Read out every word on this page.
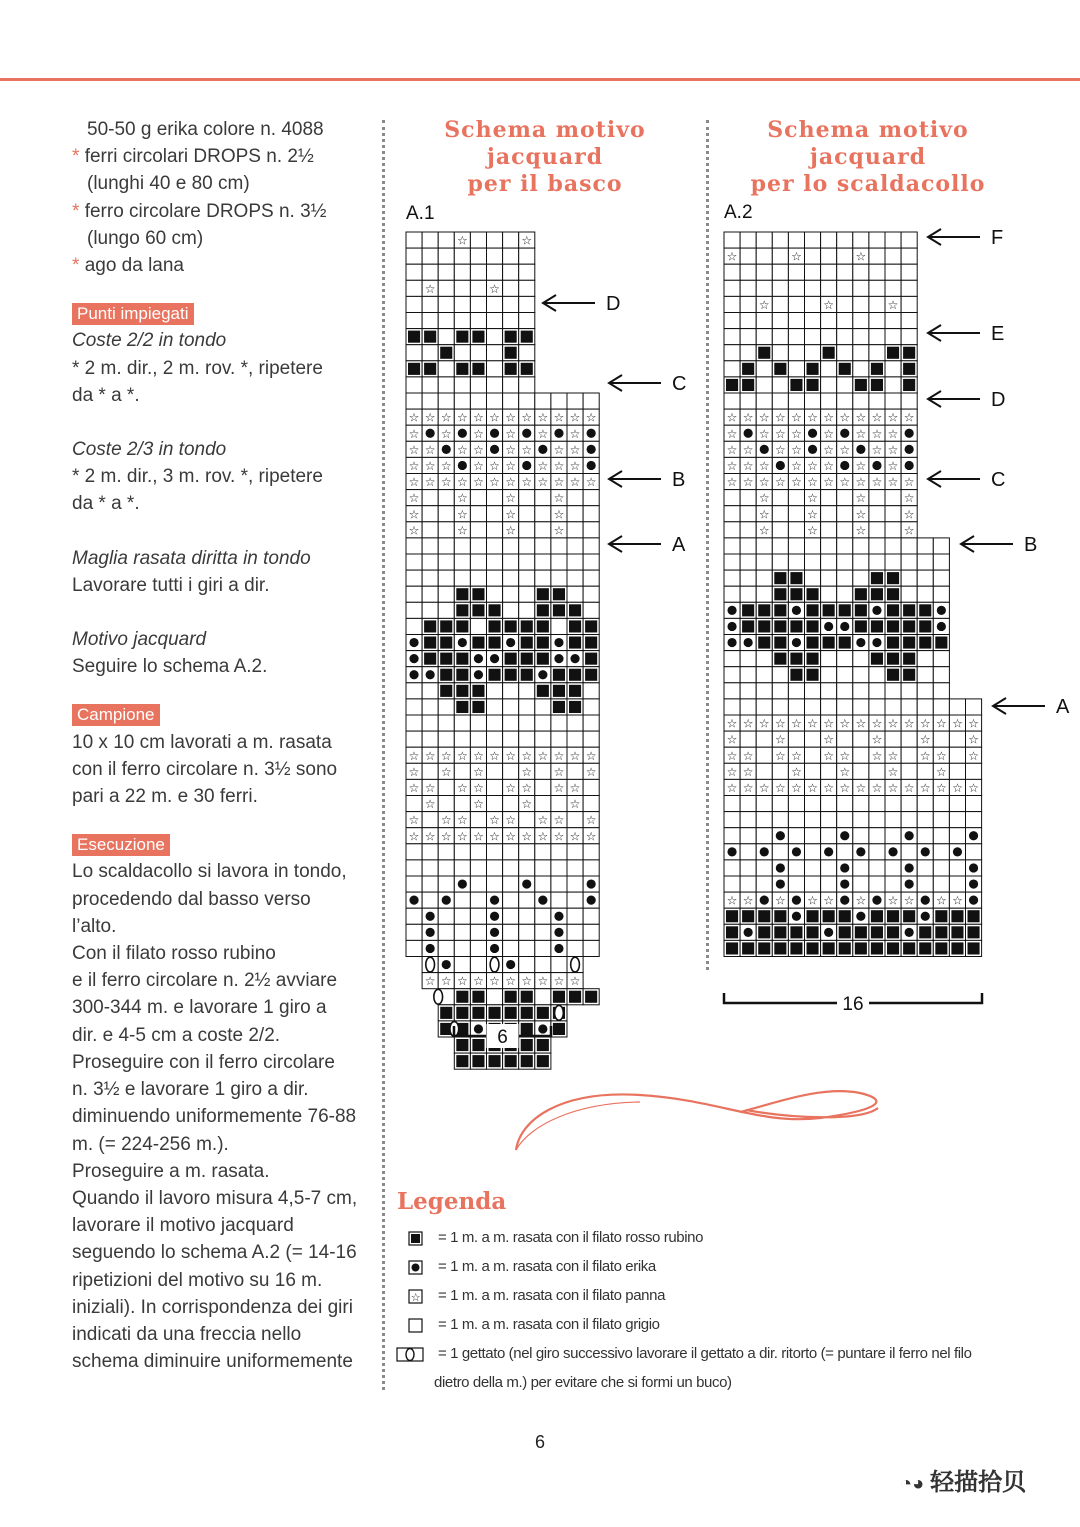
50-50 g erika colore n. 4088

* ferri circolari DROPS n. 2½

(lunghi 40 e 80 cm)

* ferro circolare DROPS n. 3½

(lungo 60 cm)

* ago da lana

Punti impiegati

Coste 2/2 in tondo

* 2 m. dir., 2 m. rov. *, ripetere

da * a *.

Coste 2/3 in tondo

* 2 m. dir., 3 m. rov. *, ripetere

da * a *.

Maglia rasata diritta in tondo

Lavorare tutti i giri a dir.

Motivo jacquard

Seguire lo schema A.2.

Campione

10 x 10 cm lavorati a m. rasata

con il ferro circolare n. 3½ sono

pari a 22 m. e 30 ferri.

Esecuzione

Lo scaldacollo si lavora in tondo,

procedendo dal basso verso

l’alto.

Con il filato rosso rubino

e il ferro circolare n. 2½ avviare

300-344 m. e lavorare 1 giro a

dir. e 4-5 cm a coste 2/2.

Proseguire con il ferro circolare

n. 3½ e lavorare 1 giro a dir.

diminuendo uniformemente 76-88

m. (= 224-256 m.).

Proseguire a m. rasata.

Quando il lavoro misura 4,5-7 cm,

lavorare il motivo jacquard

seguendo lo schema A.2 (= 14-16

ripetizioni del motivo su 16 m.

iniziali). In corrispondenza dei giri

indicati da una freccia nello

schema diminuire uniformemente

Schema motivo jacquard
per il basco
Schema motivo jacquard
per lo scaldacollo
A.1	A.2
☆	☆
☆	☆
☆ ☆ ☆ ☆ ☆ ☆ ☆ ☆ ☆ ☆ ☆ ☆
☆ ☆ ☆ ☆ ☆ ☆
☆ ☆ ☆ ☆ ☆ ☆ ☆ ☆
☆ ☆ ☆ ☆ ☆ ☆ ☆ ☆ ☆
☆ ☆ ☆ ☆ ☆ ☆ ☆ ☆ ☆ ☆ ☆ ☆
☆	☆	☆	☆
☆	☆	☆	☆
☆	☆	☆	☆
☆ ☆ ☆ ☆ ☆ ☆ ☆ ☆ ☆ ☆ ☆ ☆
☆ ☆ ☆	☆ ☆ ☆
☆ ☆ ☆ ☆ ☆ ☆ ☆ ☆
☆	☆	☆	☆
☆ ☆ ☆ ☆ ☆ ☆ ☆ ☆
☆ ☆ ☆ ☆ ☆ ☆ ☆ ☆ ☆ ☆ ☆ ☆
☆ ☆ ☆ ☆ ☆ ☆ ☆ ☆ ☆ ☆
☆	☆	☆
☆	☆	☆
☆ ☆ ☆ ☆ ☆ ☆ ☆ ☆ ☆ ☆ ☆ ☆
☆ ☆ ☆ ☆ ☆ ☆ ☆ ☆
☆ ☆ ☆ ☆ ☆ ☆ ☆ ☆
☆ ☆ ☆ ☆ ☆ ☆ ☆ ☆
☆ ☆ ☆ ☆ ☆ ☆ ☆ ☆ ☆ ☆ ☆ ☆
☆	☆	☆	☆
☆	☆	☆	☆
☆	☆	☆	☆
☆ ☆ ☆ ☆ ☆ ☆ ☆ ☆ ☆ ☆ ☆ ☆ ☆ ☆ ☆ ☆
☆	☆	☆	☆	☆	☆
☆ ☆ ☆ ☆ ☆ ☆ ☆ ☆ ☆ ☆ ☆
☆ ☆	☆	☆	☆	☆
☆ ☆ ☆ ☆ ☆ ☆ ☆ ☆ ☆ ☆ ☆ ☆ ☆ ☆ ☆ ☆
☆ ☆ ☆ ☆ ☆ ☆ ☆ ☆ ☆ ☆
D
C
B
A
F
E
D
C
B
A
6
16
Legenda
= 1 m. a m. rasata con il filato rosso rubino
= 1 m. a m. rasata con il filato erika
☆ = 1 m. a m. rasata con il filato panna
= 1 m. a m. rasata con il filato grigio
= 1 gettato (nel giro successivo lavorare il gettato a dir. ritorto (= puntare il ferro nel filo
dietro della m.) per evitare che si formi un buco)
6
◔◕ 轻描拾贝
